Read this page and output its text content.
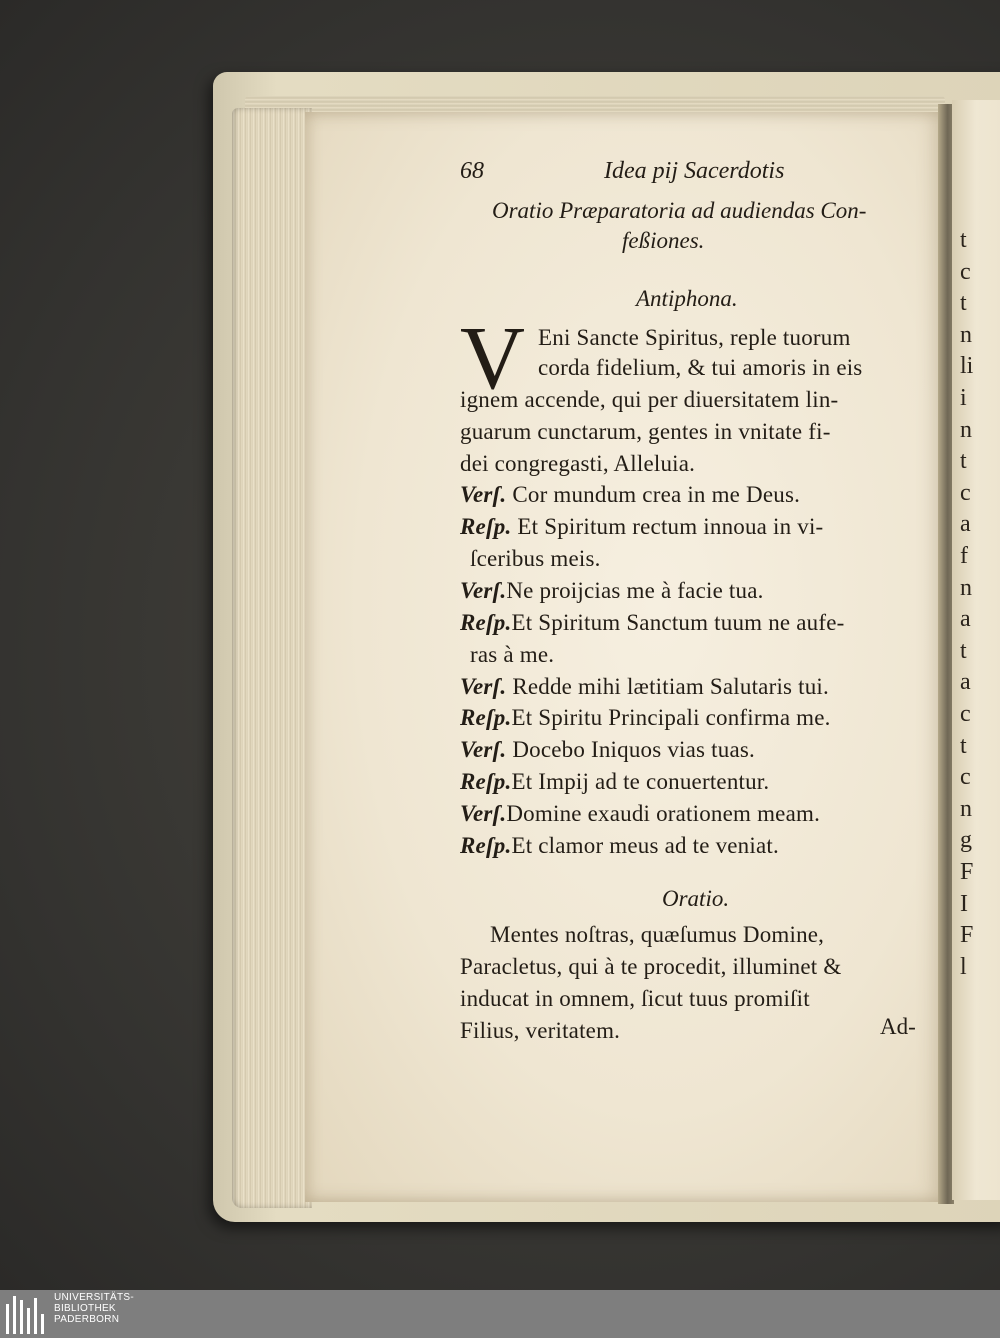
t
c
t
n
li
i
n
t
c
a
f
n
a
t
a
c
t
c
n
g
F
I
F
l
68	Idea pij Sacerdotis
Oratio Præparatoria ad audiendas Con-
feßiones.
Antiphona.
V Eni Sancte Spiritus, reple tuorum
corda fidelium, & tui amoris in eis
ignem accende, qui per diuersitatem lin-
guarum cunctarum, gentes in vnitate fi-
dei congregasti, Alleluia.
Verſ. Cor mundum crea in me Deus.
Reſp. Et Spiritum rectum innoua in vi-
ſceribus meis.
Verſ.Ne proijcias me à facie tua.
Reſp.Et Spiritum Sanctum tuum ne aufe-
ras à me.
Verſ. Redde mihi lætitiam Salutaris tui.
Reſp.Et Spiritu Principali confirma me.
Verſ. Docebo Iniquos vias tuas.
Reſp.Et Impij ad te conuertentur.
Verſ.Domine exaudi orationem meam.
Reſp.Et clamor meus ad te veniat.
Oratio.
Mentes noſtras, quæſumus Domine,
Paracletus, qui à te procedit, illuminet &
inducat in omnem, ſicut tuus promiſit
Filius, veritatem.	Ad-
UNIVERSITÄTS-
BIBLIOTHEK
PADERBORN
